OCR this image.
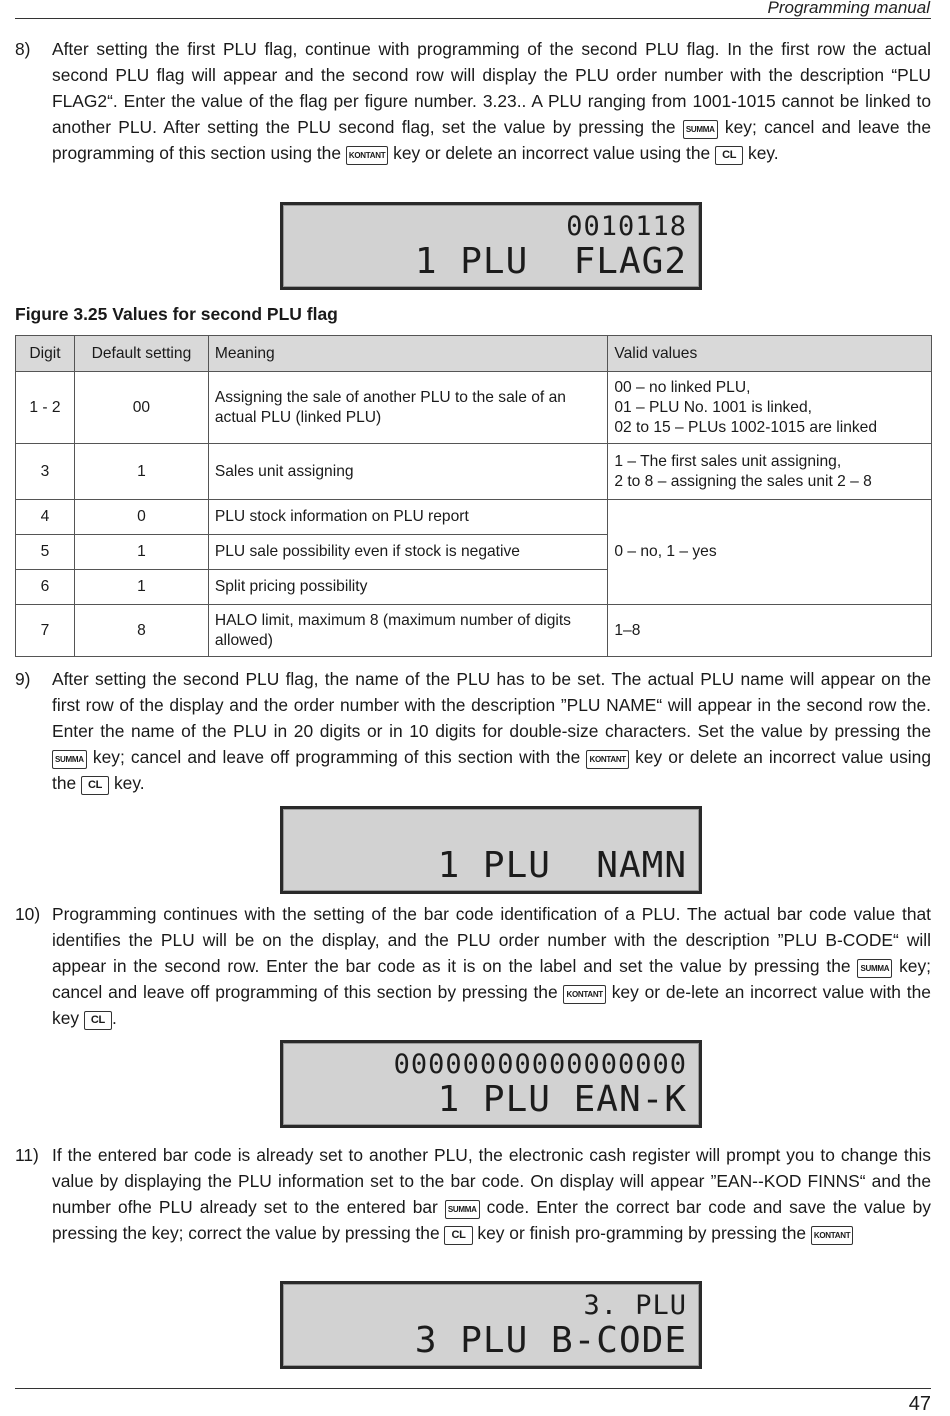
Programming manual
8) After setting the first PLU flag, continue with programming of the second PLU flag. In the first row the actual second PLU flag will appear and the second row will display the PLU order number with the description “PLU FLAG2“. Enter the value of the flag per figure number. 3.23.. A PLU ranging from 1001-1015 cannot be linked to another PLU. After setting the PLU second flag, set the value by pressing the SUMMA key; cancel and leave the programming of this section using the KONTANT key or delete an incorrect value using the CL key.
0010118
1 PLU  FLAG2
Figure 3.25 Values for second PLU flag
Digit	Default setting	Meaning	Valid values
1 - 2	00	Assigning the sale of another PLU to the sale of an actual PLU (linked PLU)	00 – no linked PLU,
01 – PLU No. 1001 is linked,
02 to 15 – PLUs 1002-1015 are linked

3	1	Sales unit assigning	1 – The first sales unit assigning,
2 to 8 – assigning the sales unit 2 – 8

4	0	PLU stock information on PLU report	0 – no, 1 – yes
5	1	PLU sale possibility even if stock is negative	
6	1	Split pricing possibility	
7	8	HALO limit, maximum 8 (maximum number of digits allowed)	1–8
9) After setting the second PLU flag, the name of the PLU has to be set. The actual PLU name will appear on the first row of the display and the order number with the description ”PLU NAME“ will appear in the second row the. Enter the name of the PLU in 20 digits or in 10 digits for double-size characters. Set the value by pressing the SUMMA key; cancel and leave off programming of this section with the KONTANT key or delete an incorrect value using the CL key.
1 PLU  NAMN
10) Programming continues with the setting of the bar code identification of a PLU. The actual bar code value that identifies the PLU will be on the display, and the PLU order number with the description ”PLU B-CODE“ will appear in the second row. Enter the bar code as it is on the label and set the value by pressing the SUMMA key; cancel and leave off programming of this section by pressing the KONTANT key or de-lete an incorrect value with the key CL .
00000000000000000
1 PLU EAN-K
11) If the entered bar code is already set to another PLU, the electronic cash register will prompt you to change this value by displaying the PLU information set to the bar code. On display will appear ”EAN--KOD FINNS“ and the number ofhe PLU already set to the entered bar SUMMA code. Enter the correct bar code and save the value by pressing the key; correct the value by pressing the CL key or finish pro-gramming by pressing the KONTANT
3. PLU
3 PLU B-CODE
47
